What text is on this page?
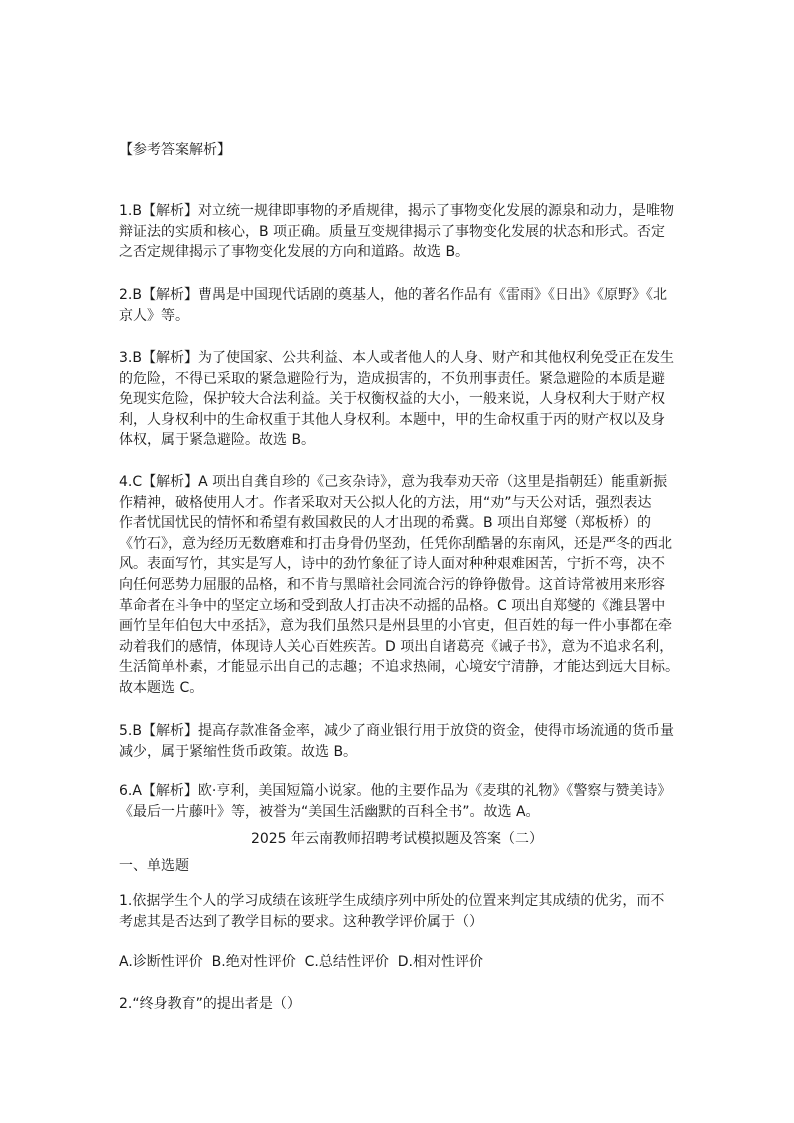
【参考答案解析】
1.B【解析】对立统一规律即事物的矛盾规律，揭示了事物变化发展的源泉和动力，是唯物
辩证法的实质和核心，B 项正确。质量互变规律揭示了事物变化发展的状态和形式。否定
之否定规律揭示了事物变化发展的方向和道路。故选 B。
2.B【解析】曹禺是中国现代话剧的奠基人，他的著名作品有《雷雨》《日出》《原野》《北
京人》等。
3.B【解析】为了使国家、公共利益、本人或者他人的人身、财产和其他权利免受正在发生
的危险，不得已采取的紧急避险行为，造成损害的，不负刑事责任。紧急避险的本质是避
免现实危险，保护较大合法利益。关于权衡权益的大小，一般来说，人身权利大于财产权
利，人身权利中的生命权重于其他人身权利。本题中，甲的生命权重于丙的财产权以及身
体权，属于紧急避险。故选 B。
4.C【解析】A 项出自龚自珍的《己亥杂诗》，意为我奉劝天帝（这里是指朝廷）能重新振
作精神，破格使用人才。作者采取对天公拟人化的方法，用“劝”与天公对话，强烈表达
作者忧国忧民的情怀和希望有救国救民的人才出现的希冀。B 项出自郑燮（郑板桥）的
《竹石》，意为经历无数磨难和打击身骨仍坚劲，任凭你刮酷暑的东南风，还是严冬的西北
风。表面写竹，其实是写人，诗中的劲竹象征了诗人面对种种艰难困苦，宁折不弯，决不
向任何恶势力屈服的品格，和不肯与黑暗社会同流合污的铮铮傲骨。这首诗常被用来形容
革命者在斗争中的坚定立场和受到敌人打击决不动摇的品格。C 项出自郑燮的《潍县署中
画竹呈年伯包大中丞括》，意为我们虽然只是州县里的小官吏，但百姓的每一件小事都在牵
动着我们的感情，体现诗人关心百姓疾苦。D 项出自诸葛亮《诫子书》，意为不追求名利，
生活简单朴素，才能显示出自己的志趣；不追求热闹，心境安宁清静，才能达到远大目标。
故本题选 C。
5.B【解析】提高存款准备金率，减少了商业银行用于放贷的资金，使得市场流通的货币量
减少，属于紧缩性货币政策。故选 B。
6.A【解析】欧·亨利，美国短篇小说家。他的主要作品为《麦琪的礼物》《警察与赞美诗》
《最后一片藤叶》等，被誉为“美国生活幽默的百科全书”。故选 A。
2025 年云南教师招聘考试模拟题及答案（二）
一、单选题
1.依据学生个人的学习成绩在该班学生成绩序列中所处的位置来判定其成绩的优劣，而不
考虑其是否达到了教学目标的要求。这种教学评价属于（）
A.诊断性评价  B.绝对性评价  C.总结性评价  D.相对性评价
2.“终身教育”的提出者是（）
